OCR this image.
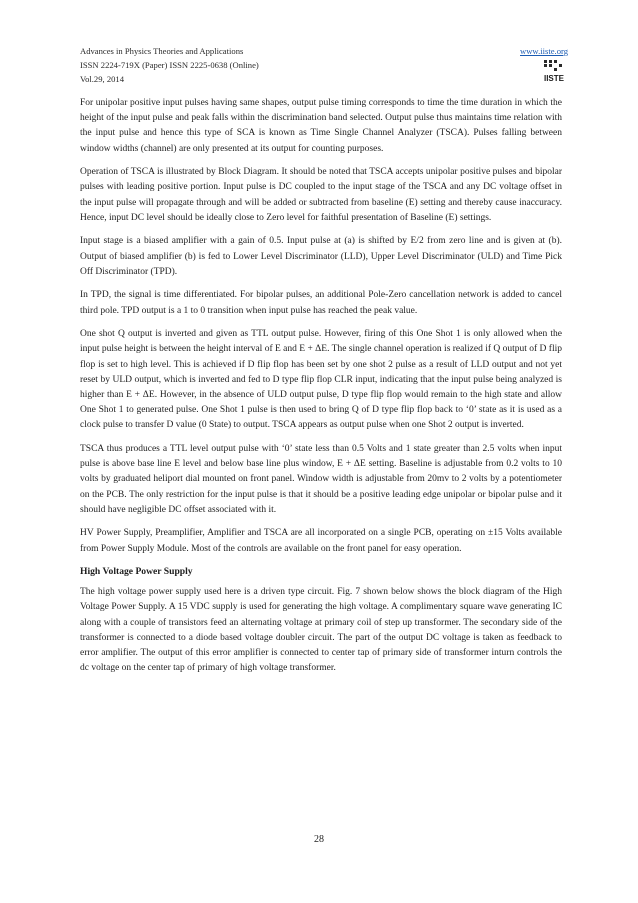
Advances in Physics Theories and Applications
ISSN 2224-719X (Paper) ISSN 2225-0638 (Online)
Vol.29, 2014
www.iiste.org
IISTE

For unipolar positive input pulses having same shapes, output pulse timing corresponds to time the time duration in which the height of the input pulse and peak falls within the discrimination band selected. Output pulse thus maintains time relation with the input pulse and hence this type of SCA is known as Time Single Channel Analyzer (TSCA). Pulses falling between window widths (channel) are only presented at its output for counting purposes.

Operation of TSCA is illustrated by Block Diagram. It should be noted that TSCA accepts unipolar positive pulses and bipolar pulses with leading positive portion. Input pulse is DC coupled to the input stage of the TSCA and any DC voltage offset in the input pulse will propagate through and will be added or subtracted from baseline (E) setting and thereby cause inaccuracy. Hence, input DC level should be ideally close to Zero level for faithful presentation of Baseline (E) settings.

Input stage is a biased amplifier with a gain of 0.5. Input pulse at (a) is shifted by E/2 from zero line and is given at (b). Output of biased amplifier (b) is fed to Lower Level Discriminator (LLD), Upper Level Discriminator (ULD) and Time Pick Off Discriminator (TPD).

In TPD, the signal is time differentiated. For bipolar pulses, an additional Pole-Zero cancellation network is added to cancel third pole. TPD output is a 1 to 0 transition when input pulse has reached the peak value.

One shot Q output is inverted and given as TTL output pulse. However, firing of this One Shot 1 is only allowed when the input pulse height is between the height interval of E and E + ΔE. The single channel operation is realized if Q output of D flip flop is set to high level. This is achieved if D flip flop has been set by one shot 2 pulse as a result of LLD output and not yet reset by ULD output, which is inverted and fed to D type flip flop CLR input, indicating that the input pulse being analyzed is higher than E + ΔE. However, in the absence of ULD output pulse, D type flip flop would remain to the high state and allow One Shot 1 to generated pulse. One Shot 1 pulse is then used to bring Q of D type flip flop back to ‘0’ state as it is used as a clock pulse to transfer D value (0 State) to output. TSCA appears as output pulse when one Shot 2 output is inverted.

TSCA thus produces a TTL level output pulse with ‘0’ state less than 0.5 Volts and 1 state greater than 2.5 volts when input pulse is above base line E level and below base line plus window, E + ΔE setting. Baseline is adjustable from 0.2 volts to 10 volts by graduated heliport dial mounted on front panel. Window width is adjustable from 20mv to 2 volts by a potentiometer on the PCB. The only restriction for the input pulse is that it should be a positive leading edge unipolar or bipolar pulse and it should have negligible DC offset associated with it.

HV Power Supply, Preamplifier, Amplifier and TSCA are all incorporated on a single PCB, operating on ±15 Volts available from Power Supply Module. Most of the controls are available on the front panel for easy operation.

High Voltage Power Supply

The high voltage power supply used here is a driven type circuit. Fig. 7 shown below shows the block diagram of the High Voltage Power Supply. A 15 VDC supply is used for generating the high voltage. A complimentary square wave generating IC along with a couple of transistors feed an alternating voltage at primary coil of step up transformer. The secondary side of the transformer is connected to a diode based voltage doubler circuit. The part of the output DC voltage is taken as feedback to error amplifier. The output of this error amplifier is connected to center tap of primary side of transformer inturn controls the dc voltage on the center tap of primary of high voltage transformer.

28
